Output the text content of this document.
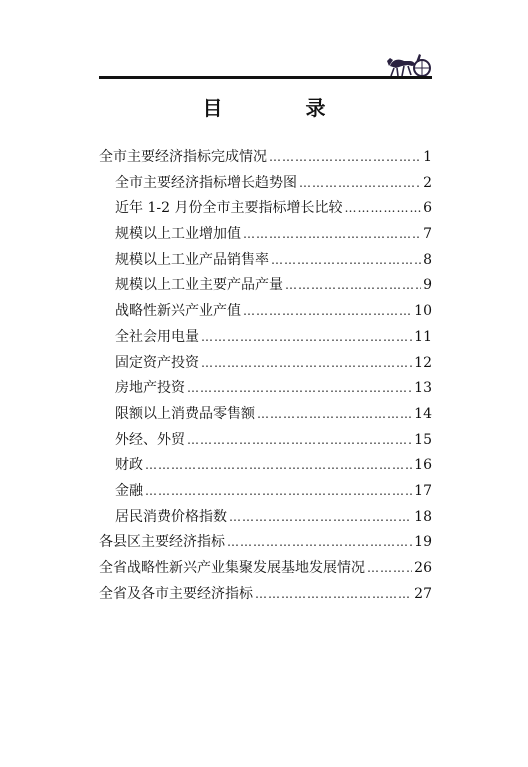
目 录
全市主要经济指标完成情况 ……………………………………………………………………………………………………………………………………………………………	1
全市主要经济指标增长趋势图 ……………………………………………………………………………………………………………………………………………………………	2
近年 1-2 月份全市主要指标增长比较 ……………………………………………………………………………………………………………………………………………………………	6
规模以上工业增加值 ……………………………………………………………………………………………………………………………………………………………	7
规模以上工业产品销售率 ……………………………………………………………………………………………………………………………………………………………	8
规模以上工业主要产品产量 ……………………………………………………………………………………………………………………………………………………………	9
战略性新兴产业产值 ……………………………………………………………………………………………………………………………………………………………	10
全社会用电量 ……………………………………………………………………………………………………………………………………………………………	11
固定资产投资 ……………………………………………………………………………………………………………………………………………………………	12
房地产投资 ……………………………………………………………………………………………………………………………………………………………	13
限额以上消费品零售额 ……………………………………………………………………………………………………………………………………………………………	14
外经、外贸 ……………………………………………………………………………………………………………………………………………………………	15
财政 ……………………………………………………………………………………………………………………………………………………………	16
金融 ……………………………………………………………………………………………………………………………………………………………	17
居民消费价格指数 ……………………………………………………………………………………………………………………………………………………………	18
各县区主要经济指标 ……………………………………………………………………………………………………………………………………………………………	19
全省战略性新兴产业集聚发展基地发展情况 ……………………………………………………………………………………………………………………………………………………………	26
全省及各市主要经济指标 ……………………………………………………………………………………………………………………………………………………………	27
